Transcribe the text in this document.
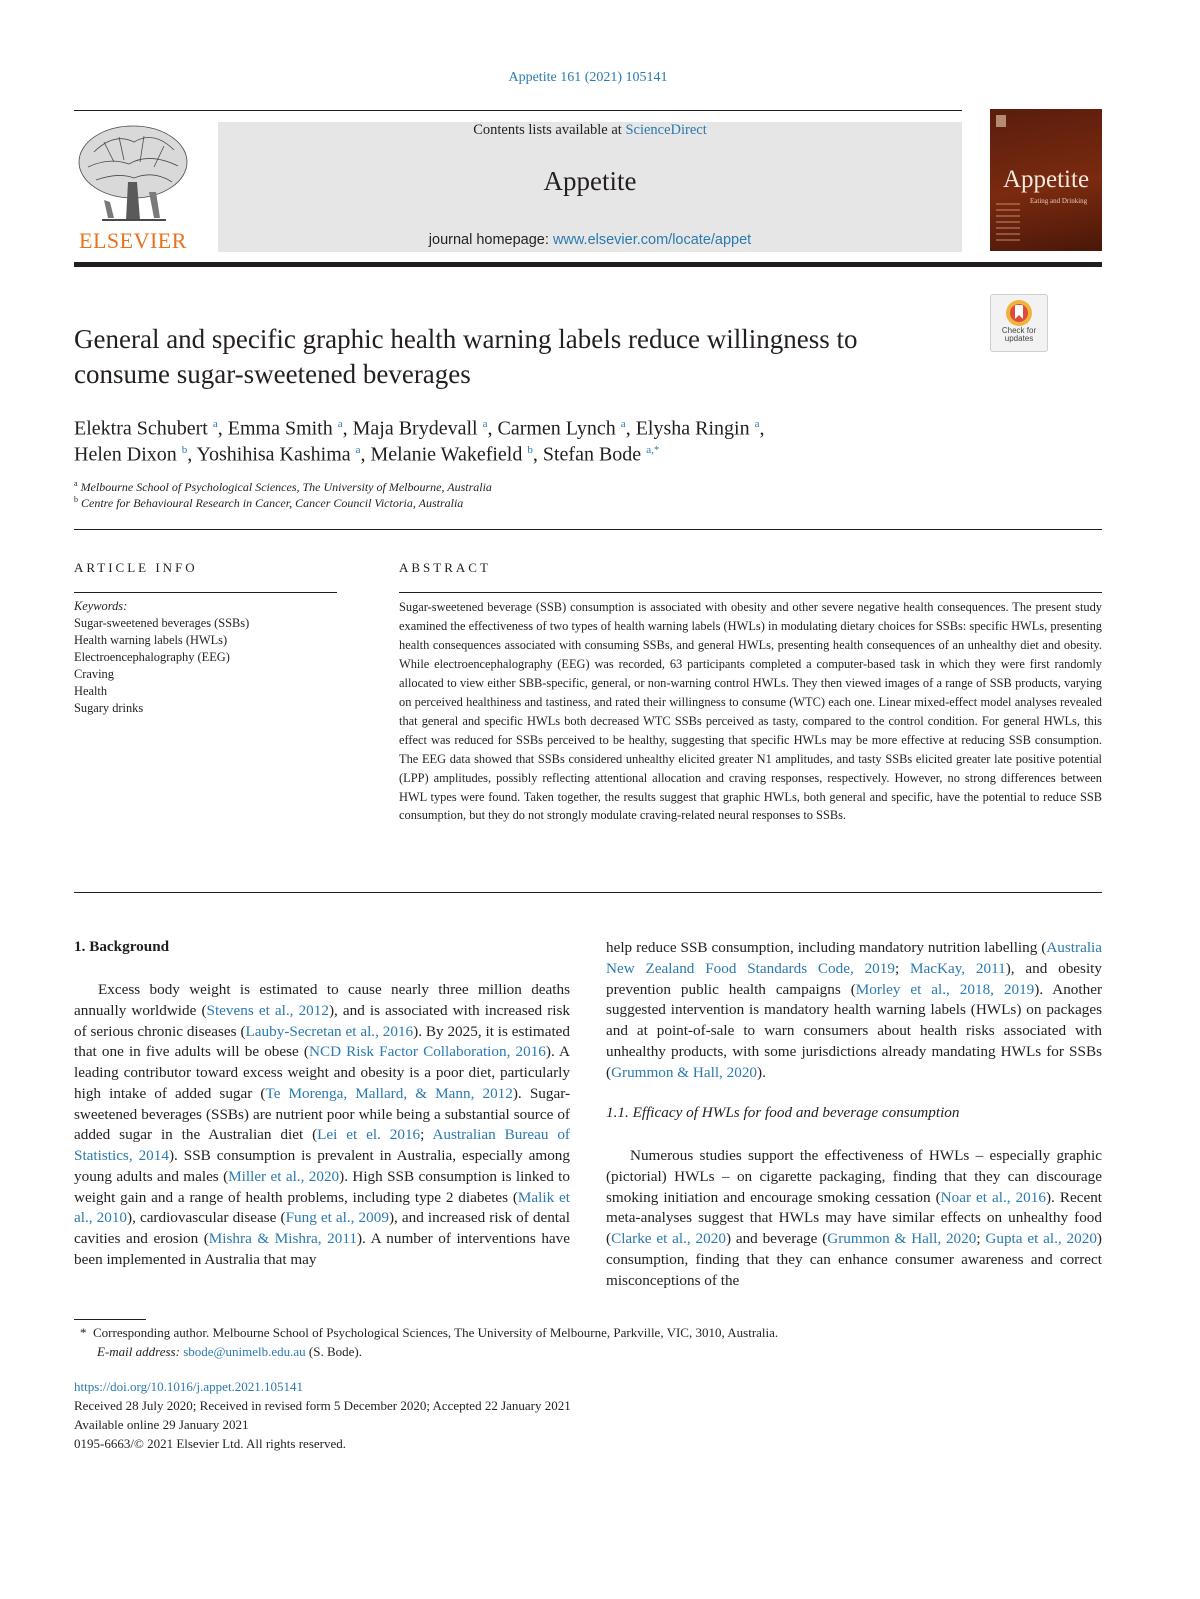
Appetite 161 (2021) 105141
ELSEVIER
Contents lists available at ScienceDirect
Appetite
journal homepage: www.elsevier.com/locate/appet
Appetite
Eating and Drinking
Check for updates
General and specific graphic health warning labels reduce willingness to
consume sugar-sweetened beverages
Elektra Schubert $^a$, Emma Smith $^a$, Maja Brydevall $^a$, Carmen Lynch $^a$, Elysha Ringin $^a$,
Helen Dixon $^b$, Yoshihisa Kashima $^a$, Melanie Wakefield $^b$, Stefan Bode $^{a,*}$
$^a$ Melbourne School of Psychological Sciences, The University of Melbourne, Australia
$^b$ Centre for Behavioural Research in Cancer, Cancer Council Victoria, Australia
ARTICLE INFO
Keywords:
Sugar-sweetened beverages (SSBs)
Health warning labels (HWLs)
Electroencephalography (EEG)
Craving
Health
Sugary drinks
ABSTRACT
Sugar-sweetened beverage (SSB) consumption is associated with obesity and other severe negative health consequences. The present study examined the effectiveness of two types of health warning labels (HWLs) in modulating dietary choices for SSBs: specific HWLs, presenting health consequences associated with consuming SSBs, and general HWLs, presenting health consequences of an unhealthy diet and obesity. While electroencephalography (EEG) was recorded, 63 participants completed a computer-based task in which they were first randomly allocated to view either SBB-specific, general, or non-warning control HWLs. They then viewed images of a range of SSB products, varying on perceived healthiness and tastiness, and rated their willingness to consume (WTC) each one. Linear mixed-effect model analyses revealed that general and specific HWLs both decreased WTC SSBs perceived as tasty, compared to the control condition. For general HWLs, this effect was reduced for SSBs perceived to be healthy, suggesting that specific HWLs may be more effective at reducing SSB consumption. The EEG data showed that SSBs considered unhealthy elicited greater N1 amplitudes, and tasty SSBs elicited greater late positive potential (LPP) amplitudes, possibly reflecting attentional allocation and craving responses, respectively. However, no strong differences between HWL types were found. Taken together, the results suggest that graphic HWLs, both general and specific, have the potential to reduce SSB consumption, but they do not strongly modulate craving-related neural responses to SSBs.
1. Background
Excess body weight is estimated to cause nearly three million deaths annually worldwide (Stevens et al., 2012), and is associated with increased risk of serious chronic diseases (Lauby-Secretan et al., 2016). By 2025, it is estimated that one in five adults will be obese (NCD Risk Factor Collaboration, 2016). A leading contributor toward excess weight and obesity is a poor diet, particularly high intake of added sugar (Te Morenga, Mallard, & Mann, 2012). Sugar-sweetened beverages (SSBs) are nutrient poor while being a substantial source of added sugar in the Australian diet (Lei et el. 2016; Australian Bureau of Statistics, 2014). SSB consumption is prevalent in Australia, especially among young adults and males (Miller et al., 2020). High SSB consumption is linked to weight gain and a range of health problems, including type 2 diabetes (Malik et al., 2010), cardiovascular disease (Fung et al., 2009), and increased risk of dental cavities and erosion (Mishra & Mishra, 2011). A number of interventions have been implemented in Australia that may
help reduce SSB consumption, including mandatory nutrition labelling (Australia New Zealand Food Standards Code, 2019; MacKay, 2011), and obesity prevention public health campaigns (Morley et al., 2018, 2019). Another suggested intervention is mandatory health warning labels (HWLs) on packages and at point-of-sale to warn consumers about health risks associated with unhealthy products, with some jurisdictions already mandating HWLs for SSBs (Grummon & Hall, 2020).
1.1. Efficacy of HWLs for food and beverage consumption
Numerous studies support the effectiveness of HWLs – especially graphic (pictorial) HWLs – on cigarette packaging, finding that they can discourage smoking initiation and encourage smoking cessation (Noar et al., 2016). Recent meta-analyses suggest that HWLs may have similar effects on unhealthy food (Clarke et al., 2020) and beverage (Grummon & Hall, 2020; Gupta et al., 2020) consumption, finding that they can enhance consumer awareness and correct misconceptions of the
* Corresponding author. Melbourne School of Psychological Sciences, The University of Melbourne, Parkville, VIC, 3010, Australia.
E-mail address: sbode@unimelb.edu.au (S. Bode).
https://doi.org/10.1016/j.appet.2021.105141
Received 28 July 2020; Received in revised form 5 December 2020; Accepted 22 January 2021
Available online 29 January 2021
0195-6663/© 2021 Elsevier Ltd. All rights reserved.
